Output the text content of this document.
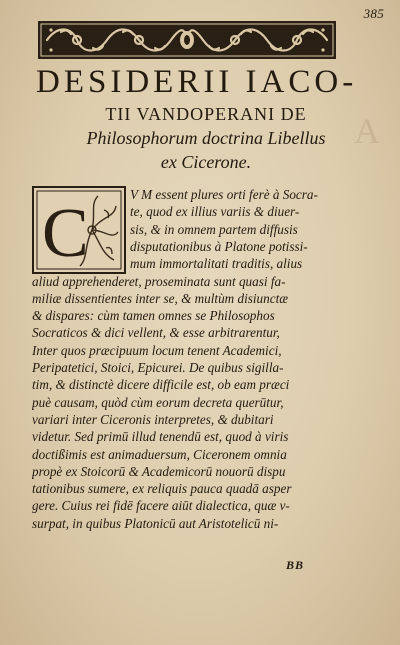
A
385
DESIDERII IACO-
TII VANDOPERANI DE
Philosophorum doctrina Libellus
ex Cicerone.
C
V M essent plures orti ferè à Socra-
te, quod ex illius variis & diuer-
sis, & in omnem partem diffusis
disputationibus à Platone potissi-
mum immortalitati traditis, alius
aliud apprehenderet, proseminata sunt quasi fa-
miliæ dissentientes inter se, & multùm disiunctæ
& dispares: cùm tamen omnes se Philosophos
Socraticos & dici vellent, & esse arbitrarentur,
Inter quos præcipuum locum tenent Academici,
Peripatetici, Stoici, Epicurei. De quibus sigilla-
tim, & distinctè dicere difficile est, ob eam præci
puè causam, quòd cùm eorum decreta querūtur,
variari inter Ciceronis interpretes, & dubitari
videtur. Sed primū illud tenendū est, quod à viris
doctißimis est animaduersum, Ciceronem omnia
propè ex Stoicorū & Academicorū nouorū dispu
tationibus sumere, ex reliquis pauca quadā asper
gere. Cuius rei fidē facere aiūt dialectica, quæ v-
surpat, in quibus Platonicū aut Aristotelicū ni-
BB
